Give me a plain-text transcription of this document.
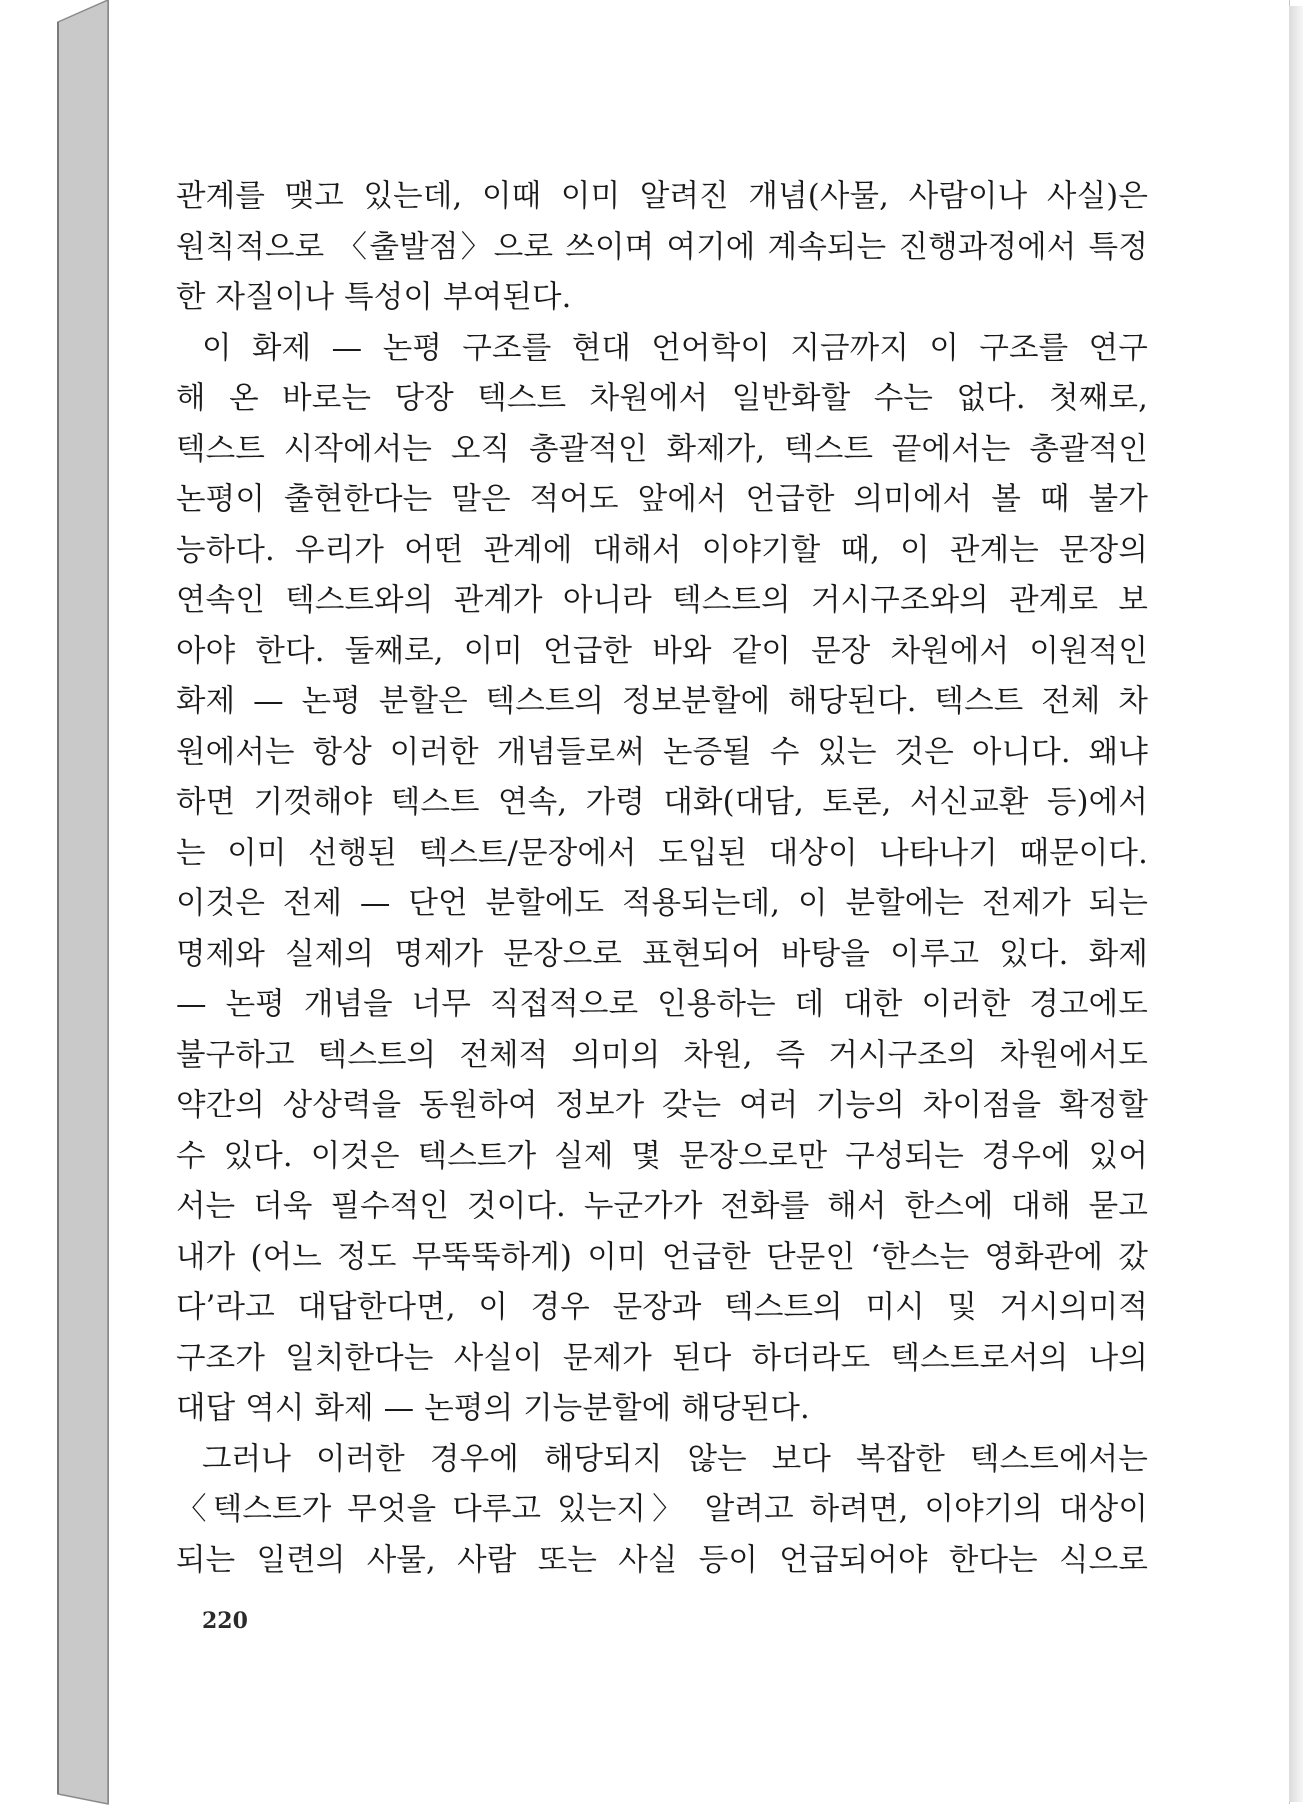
관계를 맺고 있는데, 이때 이미 알려진 개념(사물, 사람이나 사실)은
원칙적으로 〈출발점〉으로 쓰이며 여기에 계속되는 진행과정에서 특정
한 자질이나 특성이 부여된다.
이 화제 — 논평 구조를 현대 언어학이 지금까지 이 구조를 연구
해 온 바로는 당장 텍스트 차원에서 일반화할 수는 없다. 첫째로,
텍스트 시작에서는 오직 총괄적인 화제가, 텍스트 끝에서는 총괄적인
논평이 출현한다는 말은 적어도 앞에서 언급한 의미에서 볼 때 불가
능하다. 우리가 어떤 관계에 대해서 이야기할 때, 이 관계는 문장의
연속인 텍스트와의 관계가 아니라 텍스트의 거시구조와의 관계로 보
아야 한다. 둘째로, 이미 언급한 바와 같이 문장 차원에서 이원적인
화제 — 논평 분할은 텍스트의 정보분할에 해당된다. 텍스트 전체 차
원에서는 항상 이러한 개념들로써 논증될 수 있는 것은 아니다. 왜냐
하면 기껏해야 텍스트 연속, 가령 대화(대담, 토론, 서신교환 등)에서
는 이미 선행된 텍스트/문장에서 도입된 대상이 나타나기 때문이다.
이것은 전제 — 단언 분할에도 적용되는데, 이 분할에는 전제가 되는
명제와 실제의 명제가 문장으로 표현되어 바탕을 이루고 있다. 화제
— 논평 개념을 너무 직접적으로 인용하는 데 대한 이러한 경고에도
불구하고 텍스트의 전체적 의미의 차원, 즉 거시구조의 차원에서도
약간의 상상력을 동원하여 정보가 갖는 여러 기능의 차이점을 확정할
수 있다. 이것은 텍스트가 실제 몇 문장으로만 구성되는 경우에 있어
서는 더욱 필수적인 것이다. 누군가가 전화를 해서 한스에 대해 묻고
내가 (어느 정도 무뚝뚝하게) 이미 언급한 단문인 ‘한스는 영화관에 갔
다’라고 대답한다면, 이 경우 문장과 텍스트의 미시 및 거시의미적
구조가 일치한다는 사실이 문제가 된다 하더라도 텍스트로서의 나의
대답 역시 화제 — 논평의 기능분할에 해당된다.
그러나 이러한 경우에 해당되지 않는 보다 복잡한 텍스트에서는
〈텍스트가 무엇을 다루고 있는지〉 알려고 하려면, 이야기의 대상이
되는 일련의 사물, 사람 또는 사실 등이 언급되어야 한다는 식으로
220
